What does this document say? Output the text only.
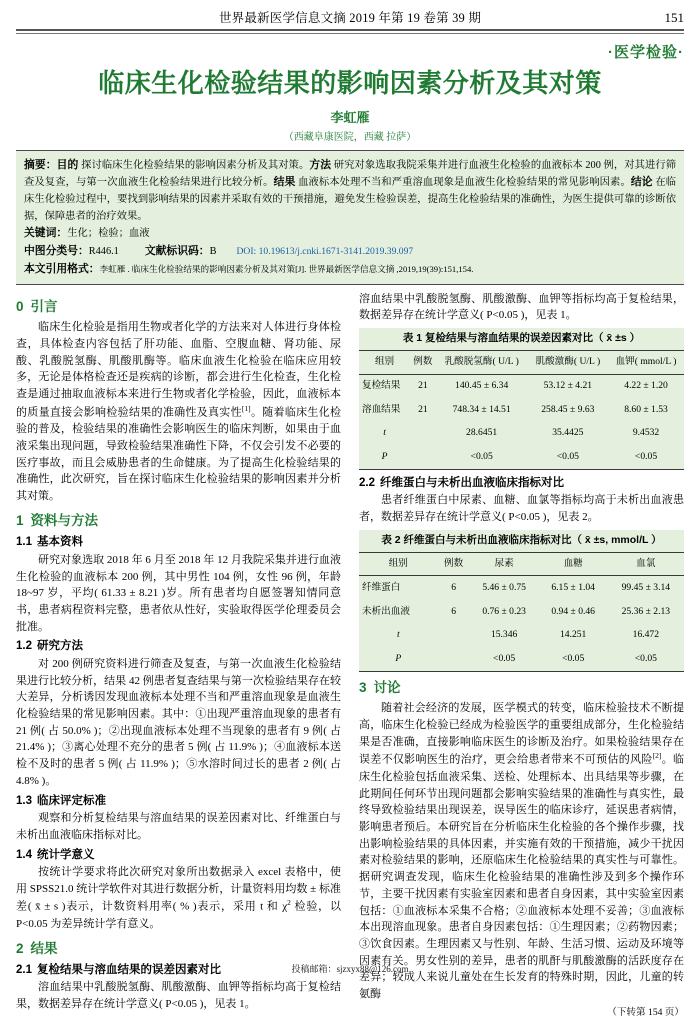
世界最新医学信息文摘 2019 年第 19 卷第 39 期	151
·医学检验·
临床生化检验结果的影响因素分析及其对策
李虹雁
（西藏阜康医院，西藏 拉萨）

摘要：目的 探讨临床生化检验结果的影响因素分析及其对策。方法 研究对象选取我院采集并进行血液生化检验的血液标本 200 例，对其进行筛查及复查，与第一次血液生化检验结果进行比较分析。结果 血液标本处理不当和严重溶血现象是血液生化检验结果的常见影响因素。结论 在临床生化检验过程中，要找到影响结果的因素并采取有效的干预措施，避免发生检验误差，提高生化检验结果的准确性，为医生提供可靠的诊断依据，保障患者的治疗效果。

关键词：生化；检验；血液

中图分类号：R446.1 文献标识码：B DOI: 10.19613/j.cnki.1671-3141.2019.39.097

本文引用格式：李虹雁 . 临床生化检验结果的影响因素分析及其对策[J]. 世界最新医学信息文摘 ,2019,19(39):151,154.

0 引言

临床生化检验是指用生物或者化学的方法来对人体进行身体检查，具体检查内容包括了肝功能、血脂、空腹血糖、肾功能、尿酸、乳酸脱氢酶、肌酸肌酶等。临床血液生化检验在临床应用较多，无论是体格检查还是疾病的诊断，都会进行生化检查，生化检查是通过抽取血液标本来进行生物或者化学检验，因此，血液标本的质量直接会影响检验结果的准确性及真实性[1]。随着临床生化检验的普及，检验结果的准确性会影响医生的临床判断，如果由于血液采集出现问题，导致检验结果准确性下降，不仅会引发不必要的医疗事故，而且会威胁患者的生命健康。为了提高生化检验结果的准确性，此次研究，旨在探讨临床生化检验结果的影响因素并分析其对策。

1 资料与方法
1.1 基本资料

研究对象选取 2018 年 6 月至 2018 年 12 月我院采集并进行血液生化检验的血液标本 200 例，其中男性 104 例，女性 96 例，年龄 18~97 岁，平均( 61.33 ± 8.21 )岁。所有患者均自愿签署知情同意书，患者病程资料完整，患者依从性好，实验取得医学伦理委员会批准。

1.2 研究方法

对 200 例研究资料进行筛查及复查，与第一次血液生化检验结果进行比较分析，结果 42 例患者复查结果与第一次检验结果存在较大差异，分析诱因发现血液标本处理不当和严重溶血现象是血液生化检验结果的常见影响因素。其中：①出现严重溶血现象的患者有 21 例( 占 50.0% )；②出现血液标本处理不当现象的患者有 9 例( 占 21.4% )；③离心处理不充分的患者 5 例( 占 11.9% )；④血液标本送检不及时的患者 5 例( 占 11.9% )；⑤水溶时间过长的患者 2 例( 占 4.8% )。

1.3 临床评定标准

观察和分析复检结果与溶血结果的误差因素对比、纤维蛋白与未析出血液临床指标对比。

1.4 统计学意义

按统计学要求将此次研究对象所出数据录入 excel 表格中，使用 SPSS21.0 统计学软件对其进行数据分析，计量资料用均数 ± 标准差( x̄ ± s )表示，计数资料用率( % )表示，采用 t 和 $\chi^2$ 检验，以 P<0.05 为差异统计学有意义。

2 结果
2.1 复检结果与溶血结果的误差因素对比

溶血结果中乳酸脱氢酶、肌酸激酶、血钾等指标均高于复检结果，数据差异存在统计学意义( P<0.05 )，见表 1。

溶血结果中乳酸脱氢酶、肌酸激酶、血钾等指标均高于复检结果，数据差异存在统计学意义( P<0.05 )，见表 1。

表 1 复检结果与溶血结果的误差因素对比（ x̄ ±s ）
组别	例数	乳酸脱氢酶( U/L )	肌酸激酶( U/L )	血钾( mmol/L )
复检结果	21	140.45 ± 6.34	53.12 ± 4.21	4.22 ± 1.20
溶血结果	21	748.34 ± 14.51	258.45 ± 9.63	8.60 ± 1.53
t		28.6451	35.4425	9.4532
P		<0.05	<0.05	<0.05
2.2 纤维蛋白与未析出血液临床指标对比

患者纤维蛋白中尿素、血糖、血氯等指标均高于未析出血液患者，数据差异存在统计学意义( P<0.05 )，见表 2。

表 2 纤维蛋白与未析出血液临床指标对比（ x̄ ±s, mmol/L ）
组别	例数	尿素	血糖	血氯
纤维蛋白	6	5.46 ± 0.75	6.15 ± 1.04	99.45 ± 3.14
未析出血液	6	0.76 ± 0.23	0.94 ± 0.46	25.36 ± 2.13
t		15.346	14.251	16.472
P		<0.05	<0.05	<0.05
3 讨论

随着社会经济的发展，医学模式的转变，临床检验技术不断提高，临床生化检验已经成为检验医学的重要组成部分，生化检验结果是否准确，直接影响临床医生的诊断及治疗。如果检验结果存在误差不仅影响医生的治疗，更会给患者带来不可预估的风险[2]。临床生化检验包括血液采集、送检、处理标本、出具结果等步骤，在此期间任何环节出现问题都会影响实验结果的准确性与真实性，最终导致检验结果出现误差，误导医生的临床诊疗，延误患者病情，影响患者预后。本研究旨在分析临床生化检验的各个操作步骤，找出影响检验结果的具体因素，并实施有效的干预措施，减少干扰因素对检验结果的影响，还原临床生化检验结果的真实性与可靠性。据研究调查发现，临床生化检验结果的准确性涉及到多个操作环节，主要干扰因素有实验室因素和患者自身因素，其中实验室因素包括：①血液标本采集不合格；②血液标本处理不妥善；③血液标本出现溶血现象。患者自身因素包括：①生理因素；②药物因素；③饮食因素。生理因素又与性别、年龄、生活习惯、运动及环境等因素有关。男女性别的差异，患者的肌酐与肌酸激酶的活跃度存在差异；较成人来说儿童处在生长发育的特殊时期，因此，儿童的转氨酶

（下转第 154 页）
投稿邮箱：sjzxyx88@126.com
